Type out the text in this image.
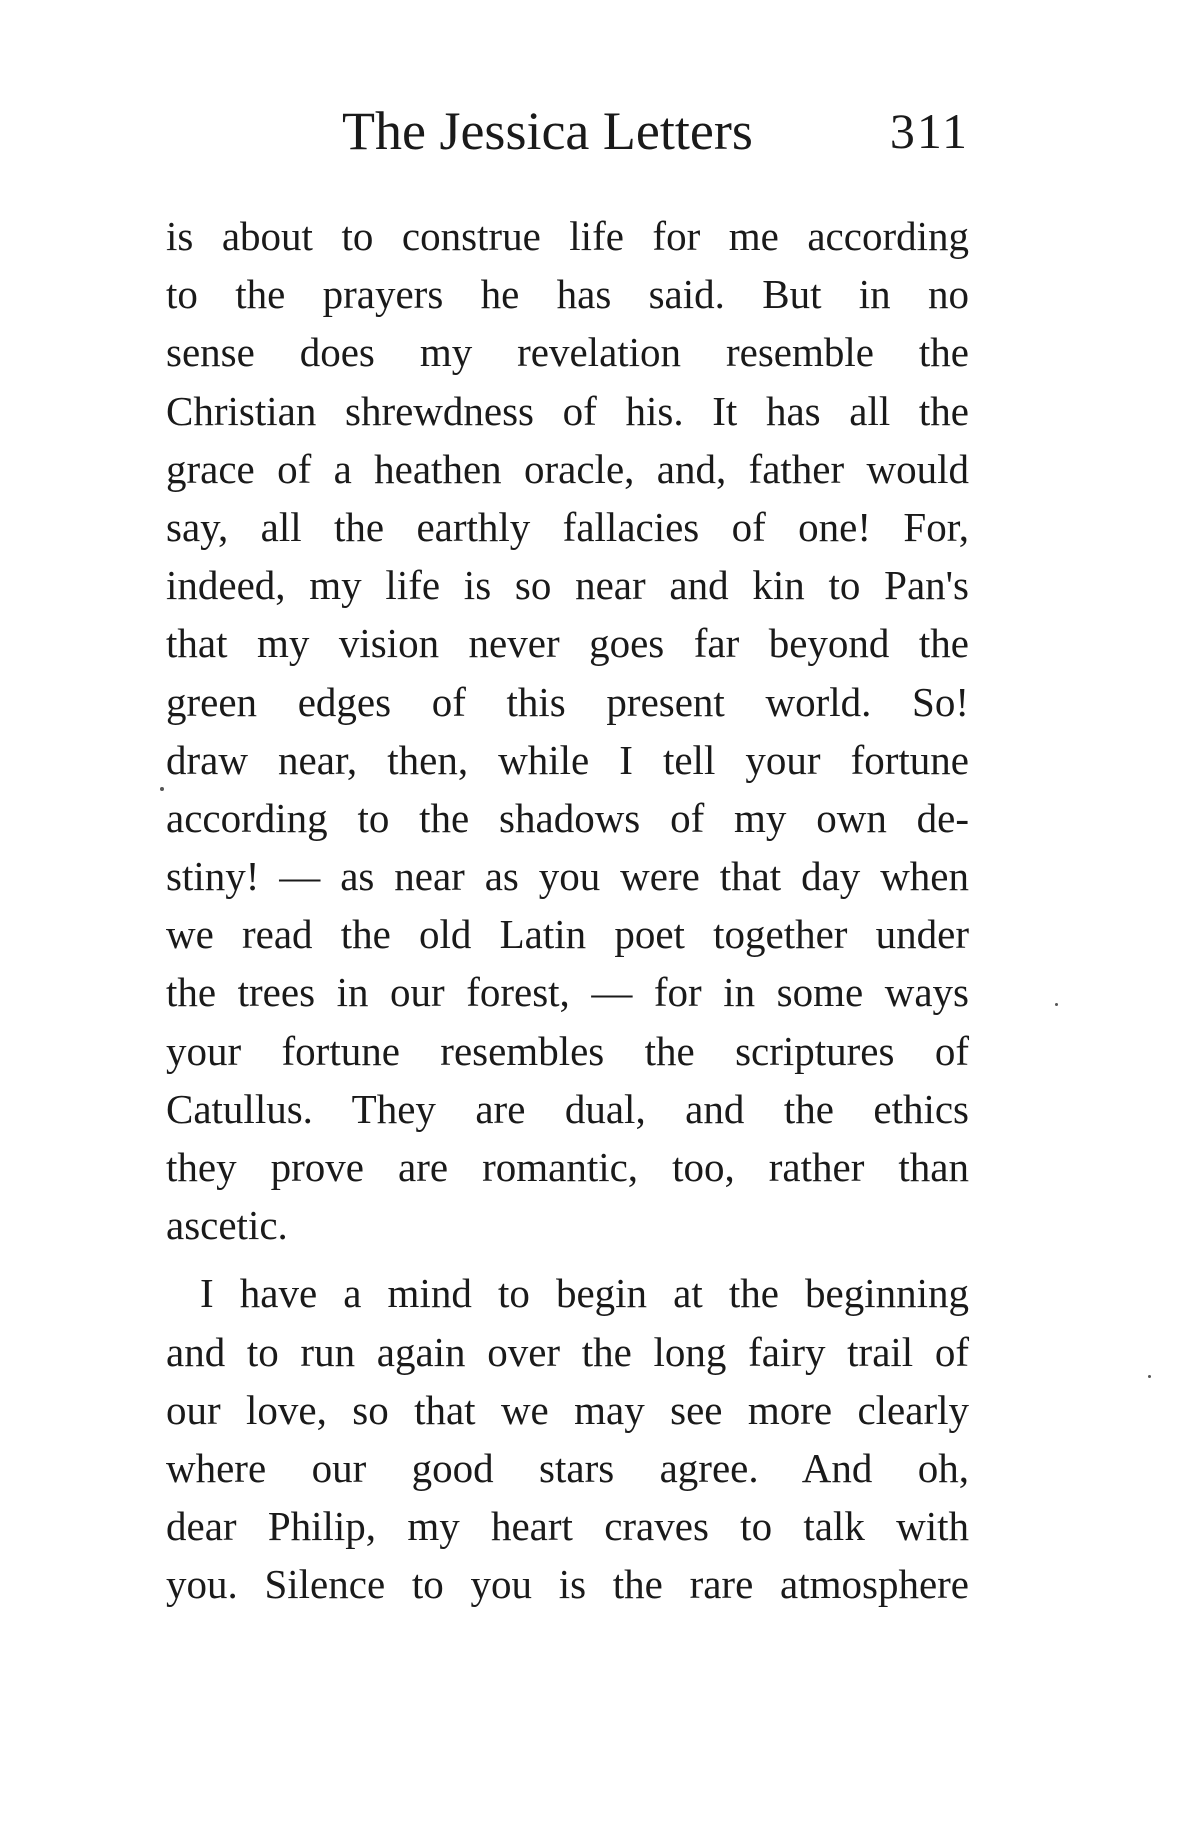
The Jessica Letters	311
is about to construe life for me according
to the prayers he has said. But in no
sense does my revelation resemble the
Christian shrewdness of his. It has all the
grace of a heathen oracle, and, father would
say, all the earthly fallacies of one! For,
indeed, my life is so near and kin to Pan's
that my vision never goes far beyond the
green edges of this present world. So!
draw near, then, while I tell your fortune
according to the shadows of my own de-
stiny! — as near as you were that day when
we read the old Latin poet together under
the trees in our forest, — for in some ways
your fortune resembles the scriptures of
Catullus. They are dual, and the ethics
they prove are romantic, too, rather than
ascetic.
I have a mind to begin at the beginning
and to run again over the long fairy trail of
our love, so that we may see more clearly
where our good stars agree. And oh,
dear Philip, my heart craves to talk with
you. Silence to you is the rare atmosphere
